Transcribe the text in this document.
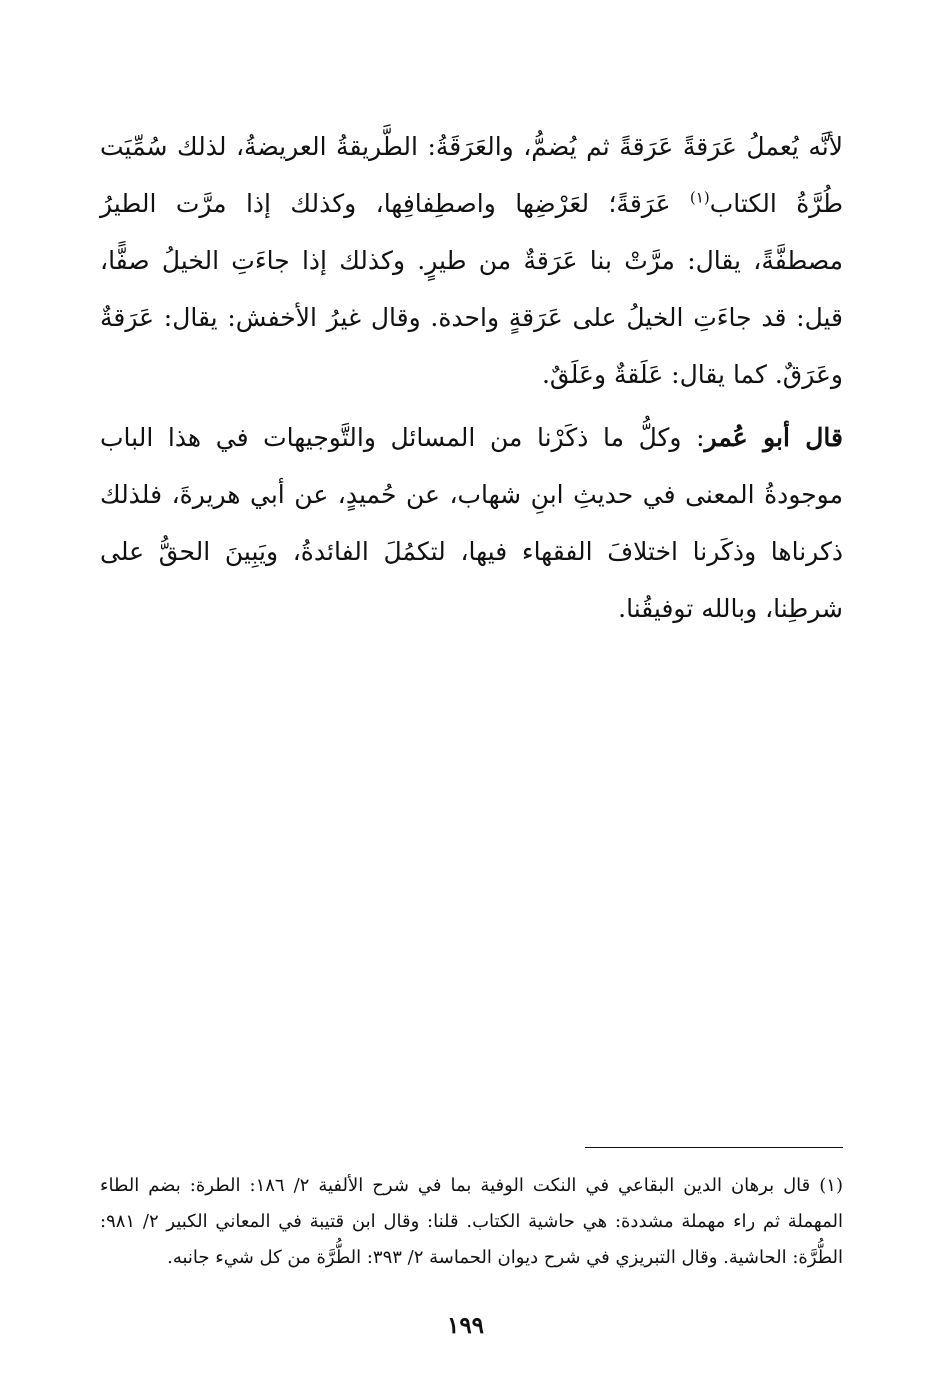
لأنَّه يُعملُ عَرَقةً عَرَقةً ثم يُضمُّ، والعَرَقَةُ: الطَّريقةُ العريضةُ، لذلك سُمِّيَت طُرَّةُ الكتاب$^{(١)}$ عَرَقةً؛ لعَرْضِها واصطِفافِها، وكذلك إذا مرَّت الطيرُ مصطفَّةً، يقال: مرَّتْ بنا عَرَقةٌ من طيرٍ. وكذلك إذا جاءَتِ الخيلُ صفًّا، قيل: قد جاءَتِ الخيلُ على عَرَقةٍ واحدة. وقال غيرُ الأخفش: يقال: عَرَقةٌ وعَرَقٌ. كما يقال: عَلَقةٌ وعَلَقٌ.

قال أبو عُمر: وكلُّ ما ذكَرْنا من المسائل والتَّوجيهات في هذا الباب موجودةُ المعنى في حديثِ ابنِ شهاب، عن حُميدٍ، عن أبي هريرةَ، فلذلك ذكرناها وذكَرنا اختلافَ الفقهاء فيها، لتكمُلَ الفائدةُ، ويَبِينَ الحقُّ على شرطِنا، وبالله توفيقُنا.

(١) قال برهان الدين البقاعي في النكت الوفية بما في شرح الألفية ٢/ ١٨٦: الطرة: بضم الطاء المهملة ثم راء مهملة مشددة: هي حاشية الكتاب. قلنا: وقال ابن قتيبة في المعاني الكبير ٢/ ٩٨١: الطُّرَّة: الحاشية. وقال التبريزي في شرح ديوان الحماسة ٢/ ٣٩٣: الطُّرَّة من كل شيء جانبه.

١٩٩
